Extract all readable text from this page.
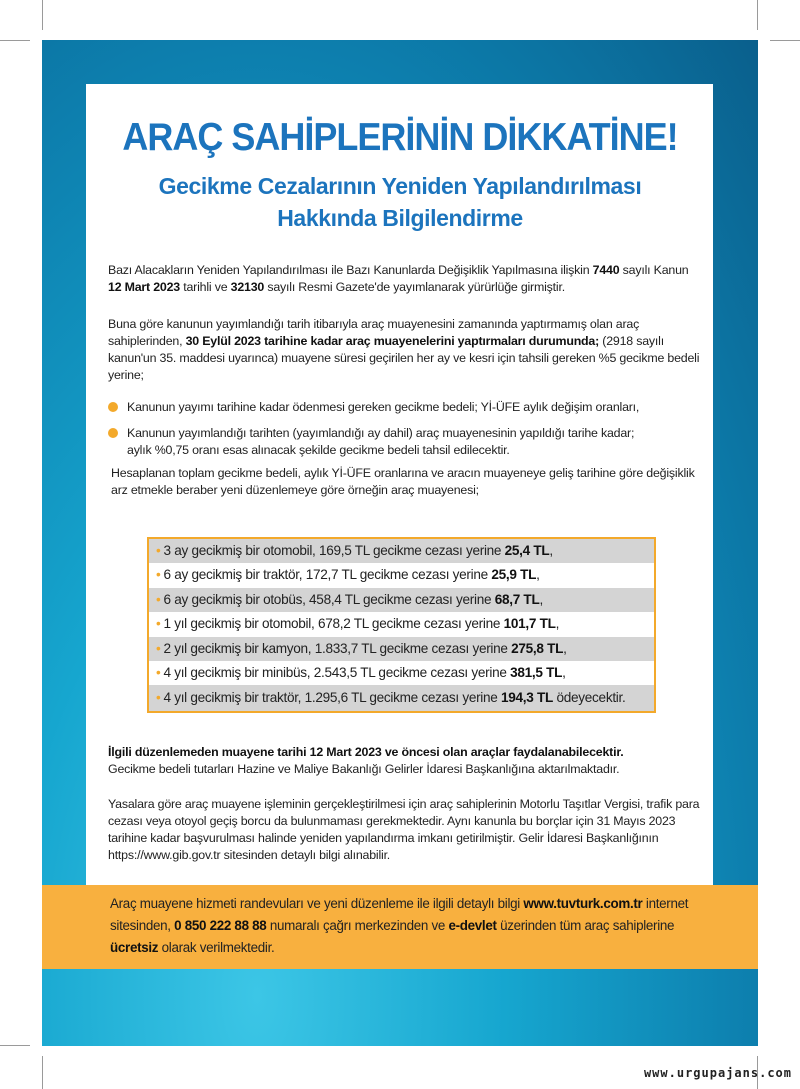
ARAÇ SAHİPLERİNİN DİKKATİNE!
Gecikme Cezalarının Yeniden Yapılandırılması
Hakkında Bilgilendirme
Bazı Alacakların Yeniden Yapılandırılması ile Bazı Kanunlarda Değişiklik Yapılmasına ilişkin 7440 sayılı Kanun 12 Mart 2023 tarihli ve 32130 sayılı Resmi Gazete'de yayımlanarak yürürlüğe girmiştir.
Buna göre kanunun yayımlandığı tarih itibarıyla araç muayenesini zamanında yaptırmamış olan araç sahiplerinden, 30 Eylül 2023 tarihine kadar araç muayenelerini yaptırmaları durumunda; (2918 sayılı kanun'un 35. maddesi uyarınca) muayene süresi geçirilen her ay ve kesri için tahsili gereken %5 gecikme bedeli yerine;
Kanunun yayımı tarihine kadar ödenmesi gereken gecikme bedeli; Yİ-ÜFE aylık değişim oranları,
Kanunun yayımlandığı tarihten (yayımlandığı ay dahil) araç muayenesinin yapıldığı tarihe kadar;
aylık %0,75 oranı esas alınacak şekilde gecikme bedeli tahsil edilecektir.
Hesaplanan toplam gecikme bedeli, aylık Yİ-ÜFE oranlarına ve aracın muayeneye geliş tarihine göre değişiklik arz etmekle beraber yeni düzenlemeye göre örneğin araç muayenesi;
• 3 ay gecikmiş bir otomobil, 169,5 TL gecikme cezası yerine 25,4 TL,
• 6 ay gecikmiş bir traktör, 172,7 TL gecikme cezası yerine 25,9 TL,
• 6 ay gecikmiş bir otobüs, 458,4 TL gecikme cezası yerine 68,7 TL,
• 1 yıl gecikmiş bir otomobil, 678,2 TL gecikme cezası yerine 101,7 TL,
• 2 yıl gecikmiş bir kamyon, 1.833,7 TL gecikme cezası yerine 275,8 TL,
• 4 yıl gecikmiş bir minibüs, 2.543,5 TL gecikme cezası yerine 381,5 TL,
• 4 yıl gecikmiş bir traktör, 1.295,6 TL gecikme cezası yerine 194,3 TL ödeyecektir.
İlgili düzenlemeden muayene tarihi 12 Mart 2023 ve öncesi olan araçlar faydalanabilecektir.
Gecikme bedeli tutarları Hazine ve Maliye Bakanlığı Gelirler İdaresi Başkanlığına aktarılmaktadır.
Yasalara göre araç muayene işleminin gerçekleştirilmesi için araç sahiplerinin Motorlu Taşıtlar Vergisi, trafik para cezası veya otoyol geçiş borcu da bulunmaması gerekmektedir. Aynı kanunla bu borçlar için 31 Mayıs 2023 tarihine kadar başvurulması halinde yeniden yapılandırma imkanı getirilmiştir. Gelir İdaresi Başkanlığının https://www.gib.gov.tr sitesinden detaylı bilgi alınabilir.
Araç muayene hizmeti randevuları ve yeni düzenleme ile ilgili detaylı bilgi www.tuvturk.com.tr internet sitesinden, 0 850 222 88 88 numaralı çağrı merkezinden ve e-devlet üzerinden tüm araç sahiplerine ücretsiz olarak verilmektedir.
www.urgupajans.com
